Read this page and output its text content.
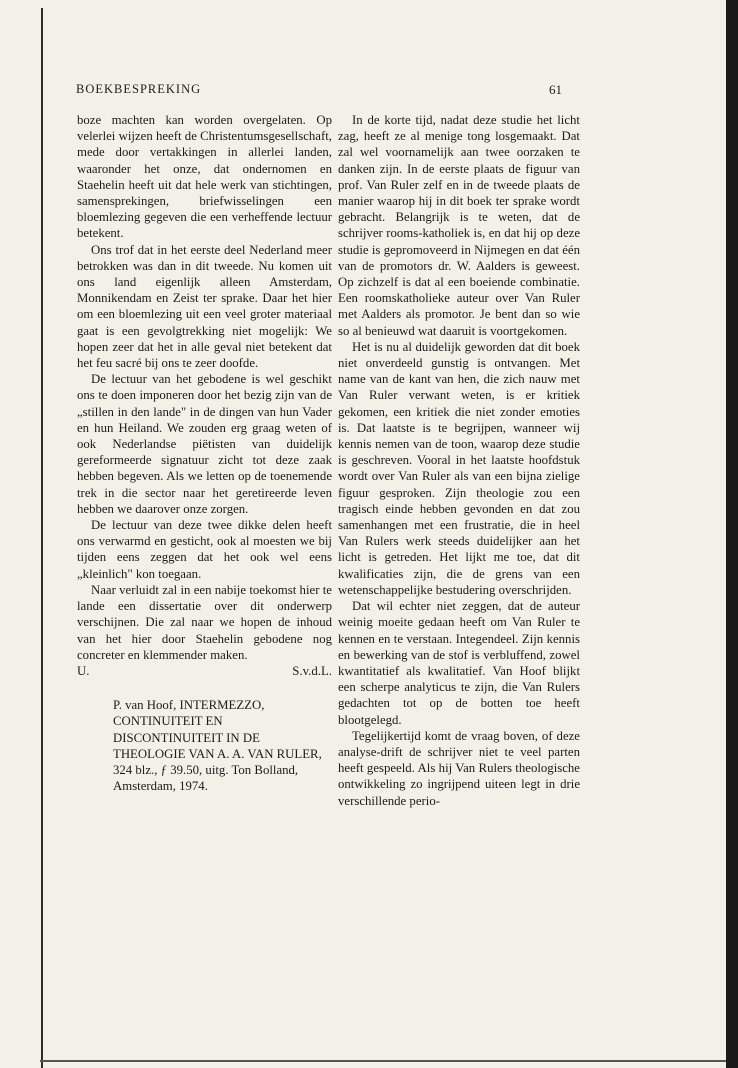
BOEKBESPREKING	61

boze machten kan worden overgelaten. Op velerlei wijzen heeft de Christentumsgesellschaft, mede door vertakkingen in allerlei landen, waaronder het onze, dat ondernomen en Staehelin heeft uit dat hele werk van stichtingen, samensprekingen, briefwisselingen een bloemlezing gegeven die een verheffende lectuur betekent.

Ons trof dat in het eerste deel Nederland meer betrokken was dan in dit tweede. Nu komen uit ons land eigenlijk alleen Amsterdam, Monnikendam en Zeist ter sprake. Daar het hier om een bloemlezing uit een veel groter materiaal gaat is een gevolgtrekking niet mogelijk: We hopen zeer dat het in alle geval niet betekent dat het feu sacré bij ons te zeer doofde.

De lectuur van het gebodene is wel geschikt ons te doen imponeren door het bezig zijn van de „stillen in den lande" in de dingen van hun Vader en hun Heiland. We zouden erg graag weten of ook Nederlandse piëtisten van duidelijk gereformeerde signatuur zicht tot deze zaak hebben begeven. Als we letten op de toenemende trek in die sector naar het geretireerde leven hebben we daarover onze zorgen.

De lectuur van deze twee dikke delen heeft ons verwarmd en gesticht, ook al moesten we bij tijden eens zeggen dat het ook wel eens „kleinlich" kon toegaan.

Naar verluidt zal in een nabije toekomst hier te lande een dissertatie over dit onderwerp verschijnen. Die zal naar we hopen de inhoud van het hier door Staehelin gebodene nog concreter en klemmender maken.

U.	S.v.d.L.
P. van Hoof, INTERMEZZO, CONTINUITEIT EN DISCONTINUITEIT IN DE THEOLOGIE VAN A. A. VAN RULER, 324 blz., ƒ 39.50, uitg. Ton Bolland, Amsterdam, 1974.

In de korte tijd, nadat deze studie het licht zag, heeft ze al menige tong losgemaakt. Dat zal wel voornamelijk aan twee oorzaken te danken zijn. In de eerste plaats de figuur van prof. Van Ruler zelf en in de tweede plaats de manier waarop hij in dit boek ter sprake wordt gebracht. Belangrijk is te weten, dat de schrijver rooms-katholiek is, en dat hij op deze studie is gepromoveerd in Nijmegen en dat één van de promotors dr. W. Aalders is geweest. Op zichzelf is dat al een boeiende combinatie. Een roomskatholieke auteur over Van Ruler met Aalders als promotor. Je bent dan so wie so al benieuwd wat daaruit is voortgekomen.

Het is nu al duidelijk geworden dat dit boek niet onverdeeld gunstig is ontvangen. Met name van de kant van hen, die zich nauw met Van Ruler verwant weten, is er kritiek gekomen, een kritiek die niet zonder emoties is. Dat laatste is te begrijpen, wanneer wij kennis nemen van de toon, waarop deze studie is geschreven. Vooral in het laatste hoofdstuk wordt over Van Ruler als van een bijna zielige figuur gesproken. Zijn theologie zou een tragisch einde hebben gevonden en dat zou samenhangen met een frustratie, die in heel Van Rulers werk steeds duidelijker aan het licht is getreden. Het lijkt me toe, dat dit kwalificaties zijn, die de grens van een wetenschappelijke bestudering overschrijden.

Dat wil echter niet zeggen, dat de auteur weinig moeite gedaan heeft om Van Ruler te kennen en te verstaan. Integendeel. Zijn kennis en bewerking van de stof is verbluffend, zowel kwantitatief als kwalitatief. Van Hoof blijkt een scherpe analyticus te zijn, die Van Rulers gedachten tot op de botten toe heeft blootgelegd.

Tegelijkertijd komt de vraag boven, of deze analyse-drift de schrijver niet te veel parten heeft gespeeld. Als hij Van Rulers theologische ontwikkeling zo ingrijpend uiteen legt in drie verschillende perio-
